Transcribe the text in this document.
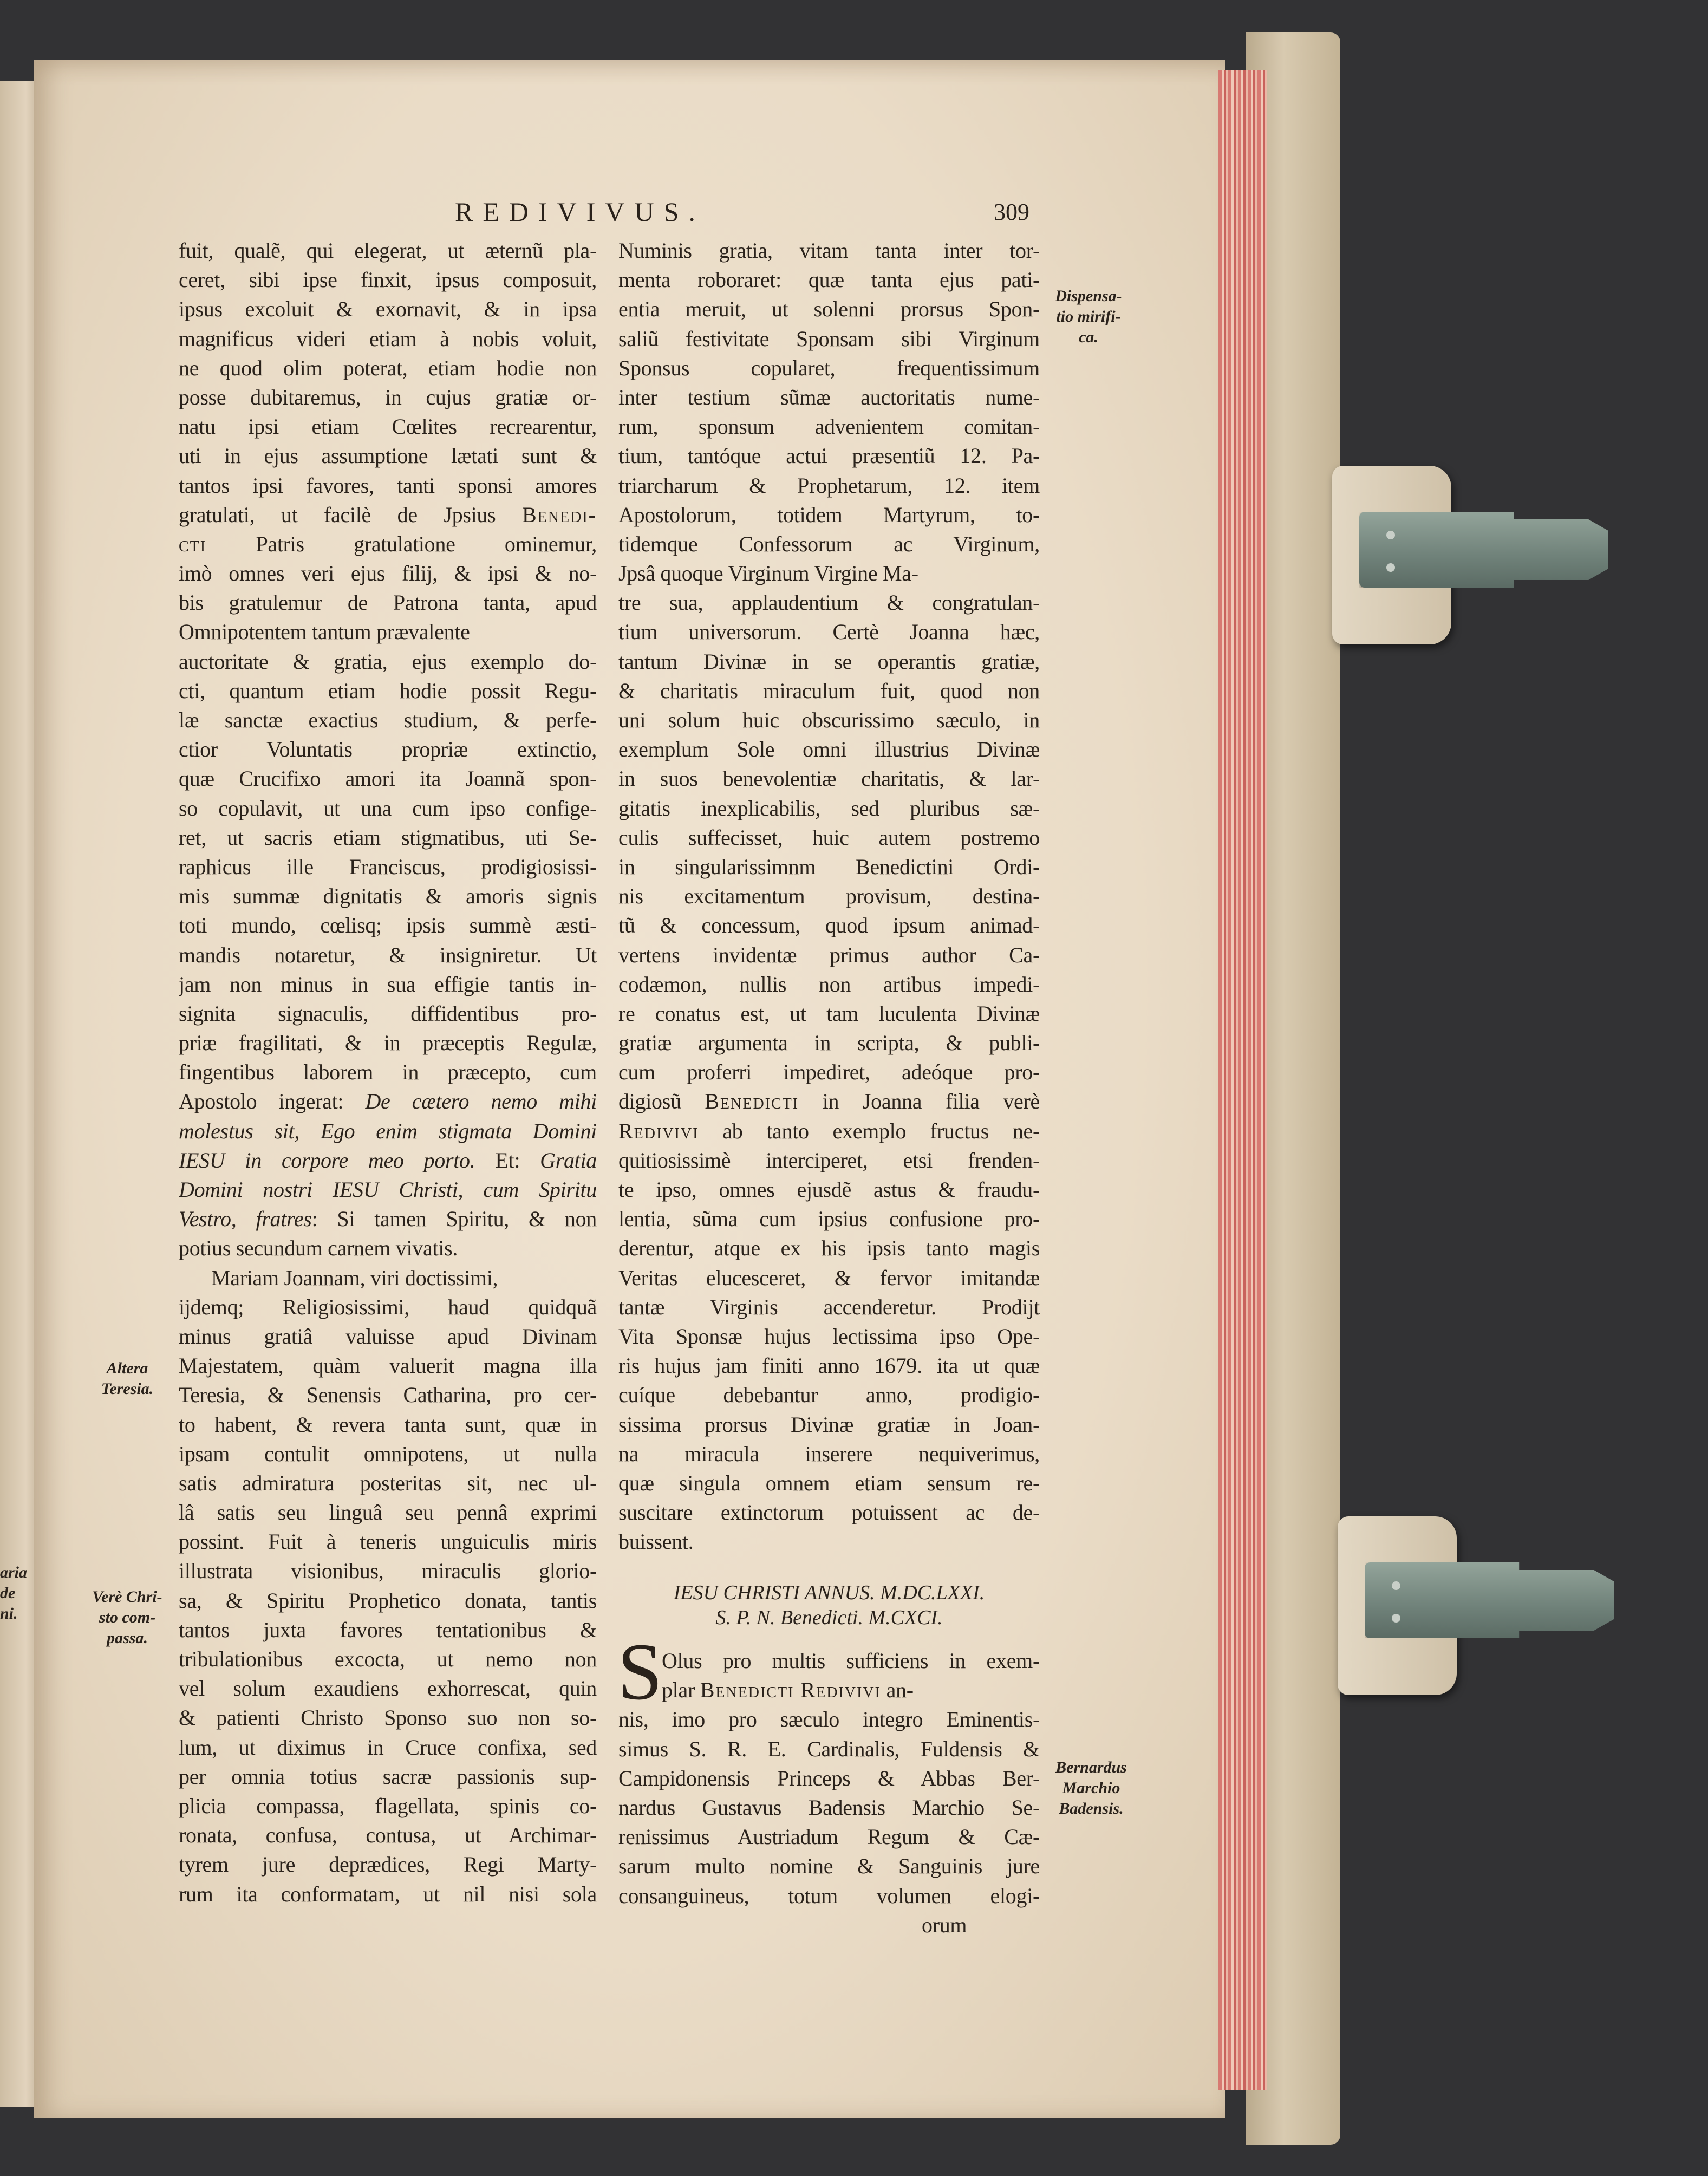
REDIVIVUS.	309
fuit, qualẽ, qui elegerat, ut æternũ pla-
ceret, sibi ipse finxit, ipsus composuit,
ipsus excoluit & exornavit, & in ipsa
magnificus videri etiam à nobis voluit,
ne quod olim poterat, etiam hodie non
posse dubitaremus, in cujus gratiæ or-
natu ipsi etiam Cœlites recrearentur,
uti in ejus assumptione lætati sunt &
tantos ipsi favores, tanti sponsi amores
gratulati, ut facilè de Jpsius Benedi-
cti Patris gratulatione ominemur,
imò omnes veri ejus filij, & ipsi & no-
bis gratulemur de Patrona tanta, apud
Omnipotentem tantum prævalente
auctoritate & gratia, ejus exemplo do-
cti, quantum etiam hodie possit Regu-
læ sanctæ exactius studium, & perfe-
ctior Voluntatis propriæ extinctio,
quæ Crucifixo amori ita Joannã spon-
so copulavit, ut una cum ipso confige-
ret, ut sacris etiam stigmatibus, uti Se-
raphicus ille Franciscus, prodigiosissi-
mis summæ dignitatis & amoris signis
toti mundo, cœlisq; ipsis summè æsti-
mandis notaretur, & insigniretur. Ut
jam non minus in sua effigie tantis in-
signita signaculis, diffidentibus pro-
priæ fragilitati, & in præceptis Regulæ,
fingentibus laborem in præcepto, cum
Apostolo ingerat: De cætero nemo mihi
molestus sit, Ego enim stigmata Domini
IESU in corpore meo porto. Et: Gratia
Domini nostri IESU Christi, cum Spiritu
Vestro, fratres: Si tamen Spiritu, & non
potius secundum carnem vivatis.
Mariam Joannam, viri doctissimi,
ijdemq; Religiosissimi, haud quidquã
minus gratiâ valuisse apud Divinam
Majestatem, quàm valuerit magna illa
Teresia, & Senensis Catharina, pro cer-
to habent, & revera tanta sunt, quæ in
ipsam contulit omnipotens, ut nulla
satis admiratura posteritas sit, nec ul-
lâ satis seu linguâ seu pennâ exprimi
possint. Fuit à teneris unguiculis miris
illustrata visionibus, miraculis glorio-
sa, & Spiritu Prophetico donata, tantis
tantos juxta favores tentationibus &
tribulationibus excocta, ut nemo non
vel solum exaudiens exhorrescat, quin
& patienti Christo Sponso suo non so-
lum, ut diximus in Cruce confixa, sed
per omnia totius sacræ passionis sup-
plicia compassa, flagellata, spinis co-
ronata, confusa, contusa, ut Archimar-
tyrem jure deprædices, Regi Marty-
rum ita conformatam, ut nil nisi sola
Numinis gratia, vitam tanta inter tor-
menta roboraret: quæ tanta ejus pati-
entia meruit, ut solenni prorsus Spon-
saliũ festivitate Sponsam sibi Virginum
Sponsus copularet, frequentissimum
inter testium sũmæ auctoritatis nume-
rum, sponsum advenientem comitan-
tium, tantóque actui præsentiũ 12. Pa-
triarcharum & Prophetarum, 12. item
Apostolorum, totidem Martyrum, to-
tidemque Confessorum ac Virginum,
Jpsâ quoque Virginum Virgine Ma-
tre sua, applaudentium & congratulan-
tium universorum. Certè Joanna hæc,
tantum Divinæ in se operantis gratiæ,
& charitatis miraculum fuit, quod non
uni solum huic obscurissimo sæculo, in
exemplum Sole omni illustrius Divinæ
in suos benevolentiæ charitatis, & lar-
gitatis inexplicabilis, sed pluribus sæ-
culis suffecisset, huic autem postremo
in singularissimnm Benedictini Ordi-
nis excitamentum provisum, destina-
tũ & concessum, quod ipsum animad-
vertens invidentæ primus author Ca-
codæmon, nullis non artibus impedi-
re conatus est, ut tam luculenta Divinæ
gratiæ argumenta in scripta, & publi-
cum proferri impediret, adeóque pro-
digiosũ Benedicti in Joanna filia verè
Redivivi ab tanto exemplo fructus ne-
quitiosissimè interciperet, etsi frenden-
te ipso, omnes ejusdẽ astus & fraudu-
lentia, sũma cum ipsius confusione pro-
derentur, atque ex his ipsis tanto magis
Veritas elucesceret, & fervor imitandæ
tantæ Virginis accenderetur. Prodijt
Vita Sponsæ hujus lectissima ipso Ope-
ris hujus jam finiti anno 1679. ita ut quæ
cuíque debebantur anno, prodigio-
sissima prorsus Divinæ gratiæ in Joan-
na miracula inserere nequiverimus,
quæ singula omnem etiam sensum re-
suscitare extinctorum potuissent ac de-
buissent.
IESU CHRISTI ANNUS. M.DC.LXXI.
S. P. N. Benedicti. M.CXCI.
S
Olus pro multis sufficiens in exem-
plar Benedicti Redivivi an-
nis, imo pro sæculo integro Eminentis-
simus S. R. E. Cardinalis, Fuldensis &
Campidonensis Princeps & Abbas Ber-
nardus Gustavus Badensis Marchio Se-
renissimus Austriadum Regum & Cæ-
sarum multo nomine & Sanguinis jure
consanguineus, totum volumen elogi-
orum
Dispensa-
tio mirifi-
ca.
Altera
Teresia.
Verè Chri-
sto com-
passa.
Bernardus
Marchio
Badensis.
aria
de
ni.
